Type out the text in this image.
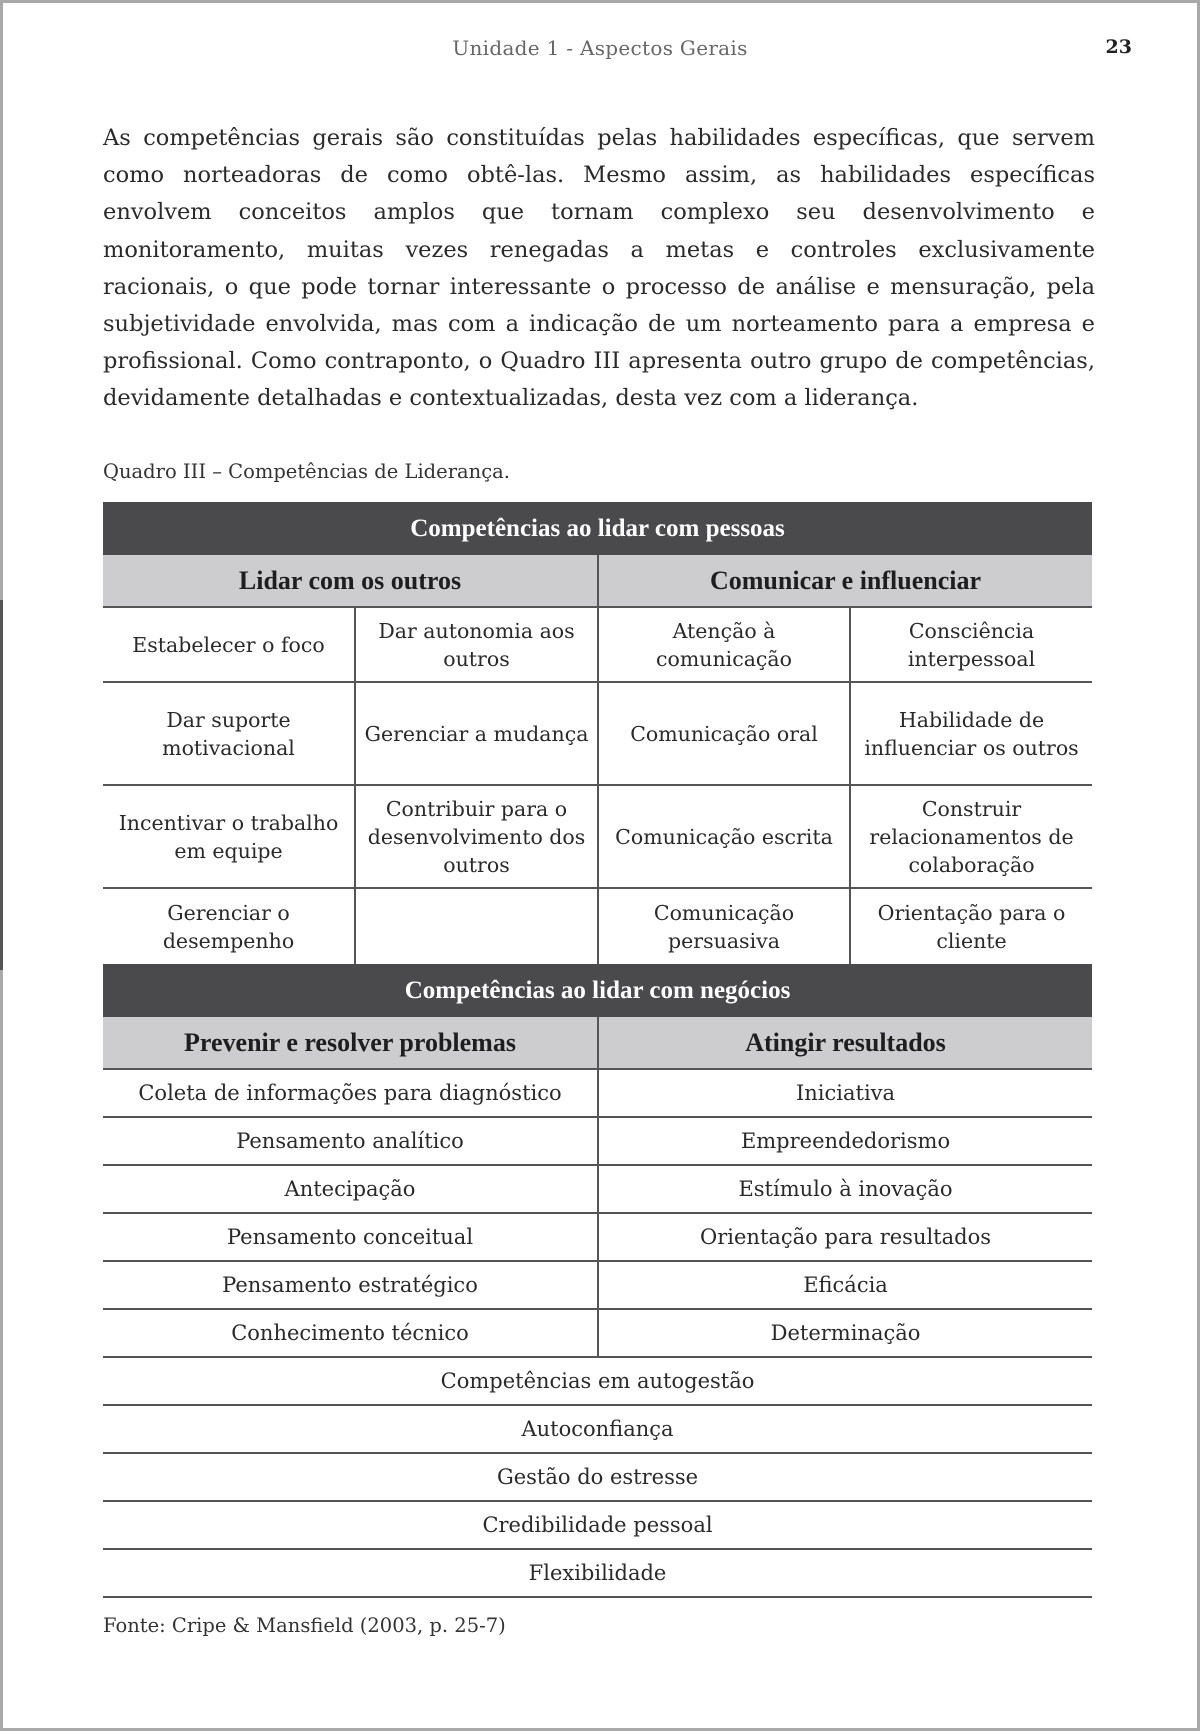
Unidade 1 - Aspectos Gerais	23

As competências gerais são constituídas pelas habilidades específicas, que servem como norteadoras de como obtê-las. Mesmo assim, as habilidades específicas envolvem conceitos amplos que tornam complexo seu desenvolvimento e monitoramento, muitas vezes renegadas a metas e controles exclusivamente racionais, o que pode tornar interessante o processo de análise e mensuração, pela subjetividade envolvida, mas com a indicação de um norteamento para a empresa e profissional. Como contraponto, o Quadro III apresenta outro grupo de competências, devidamente detalhadas e contextualizadas, desta vez com a liderança.

Quadro III – Competências de Liderança.
Competências ao lidar com pessoas			
Lidar com os outros		Comunicar e influenciar	
Estabelecer o foco	Dar autonomia aos outros	Atenção à comunicação	Consciência interpessoal
Dar suporte motivacional	Gerenciar a mudança	Comunicação oral	Habilidade de influenciar os outros
Incentivar o trabalho em equipe	Contribuir para o desenvolvimento dos outros	Comunicação escrita	Construir relacionamentos de colaboração
Gerenciar o desempenho		Comunicação persuasiva	Orientação para o cliente
Competências ao lidar com negócios			
Prevenir e resolver problemas		Atingir resultados	
Coleta de informações para diagnóstico		Iniciativa	
Pensamento analítico		Empreendedorismo	
Antecipação		Estímulo à inovação	
Pensamento conceitual		Orientação para resultados	
Pensamento estratégico		Eficácia	
Conhecimento técnico		Determinação	
Competências em autogestão			
Autoconfiança			
Gestão do estresse			
Credibilidade pessoal			
Flexibilidade			
Fonte: Cripe & Mansfield (2003, p. 25-7)
